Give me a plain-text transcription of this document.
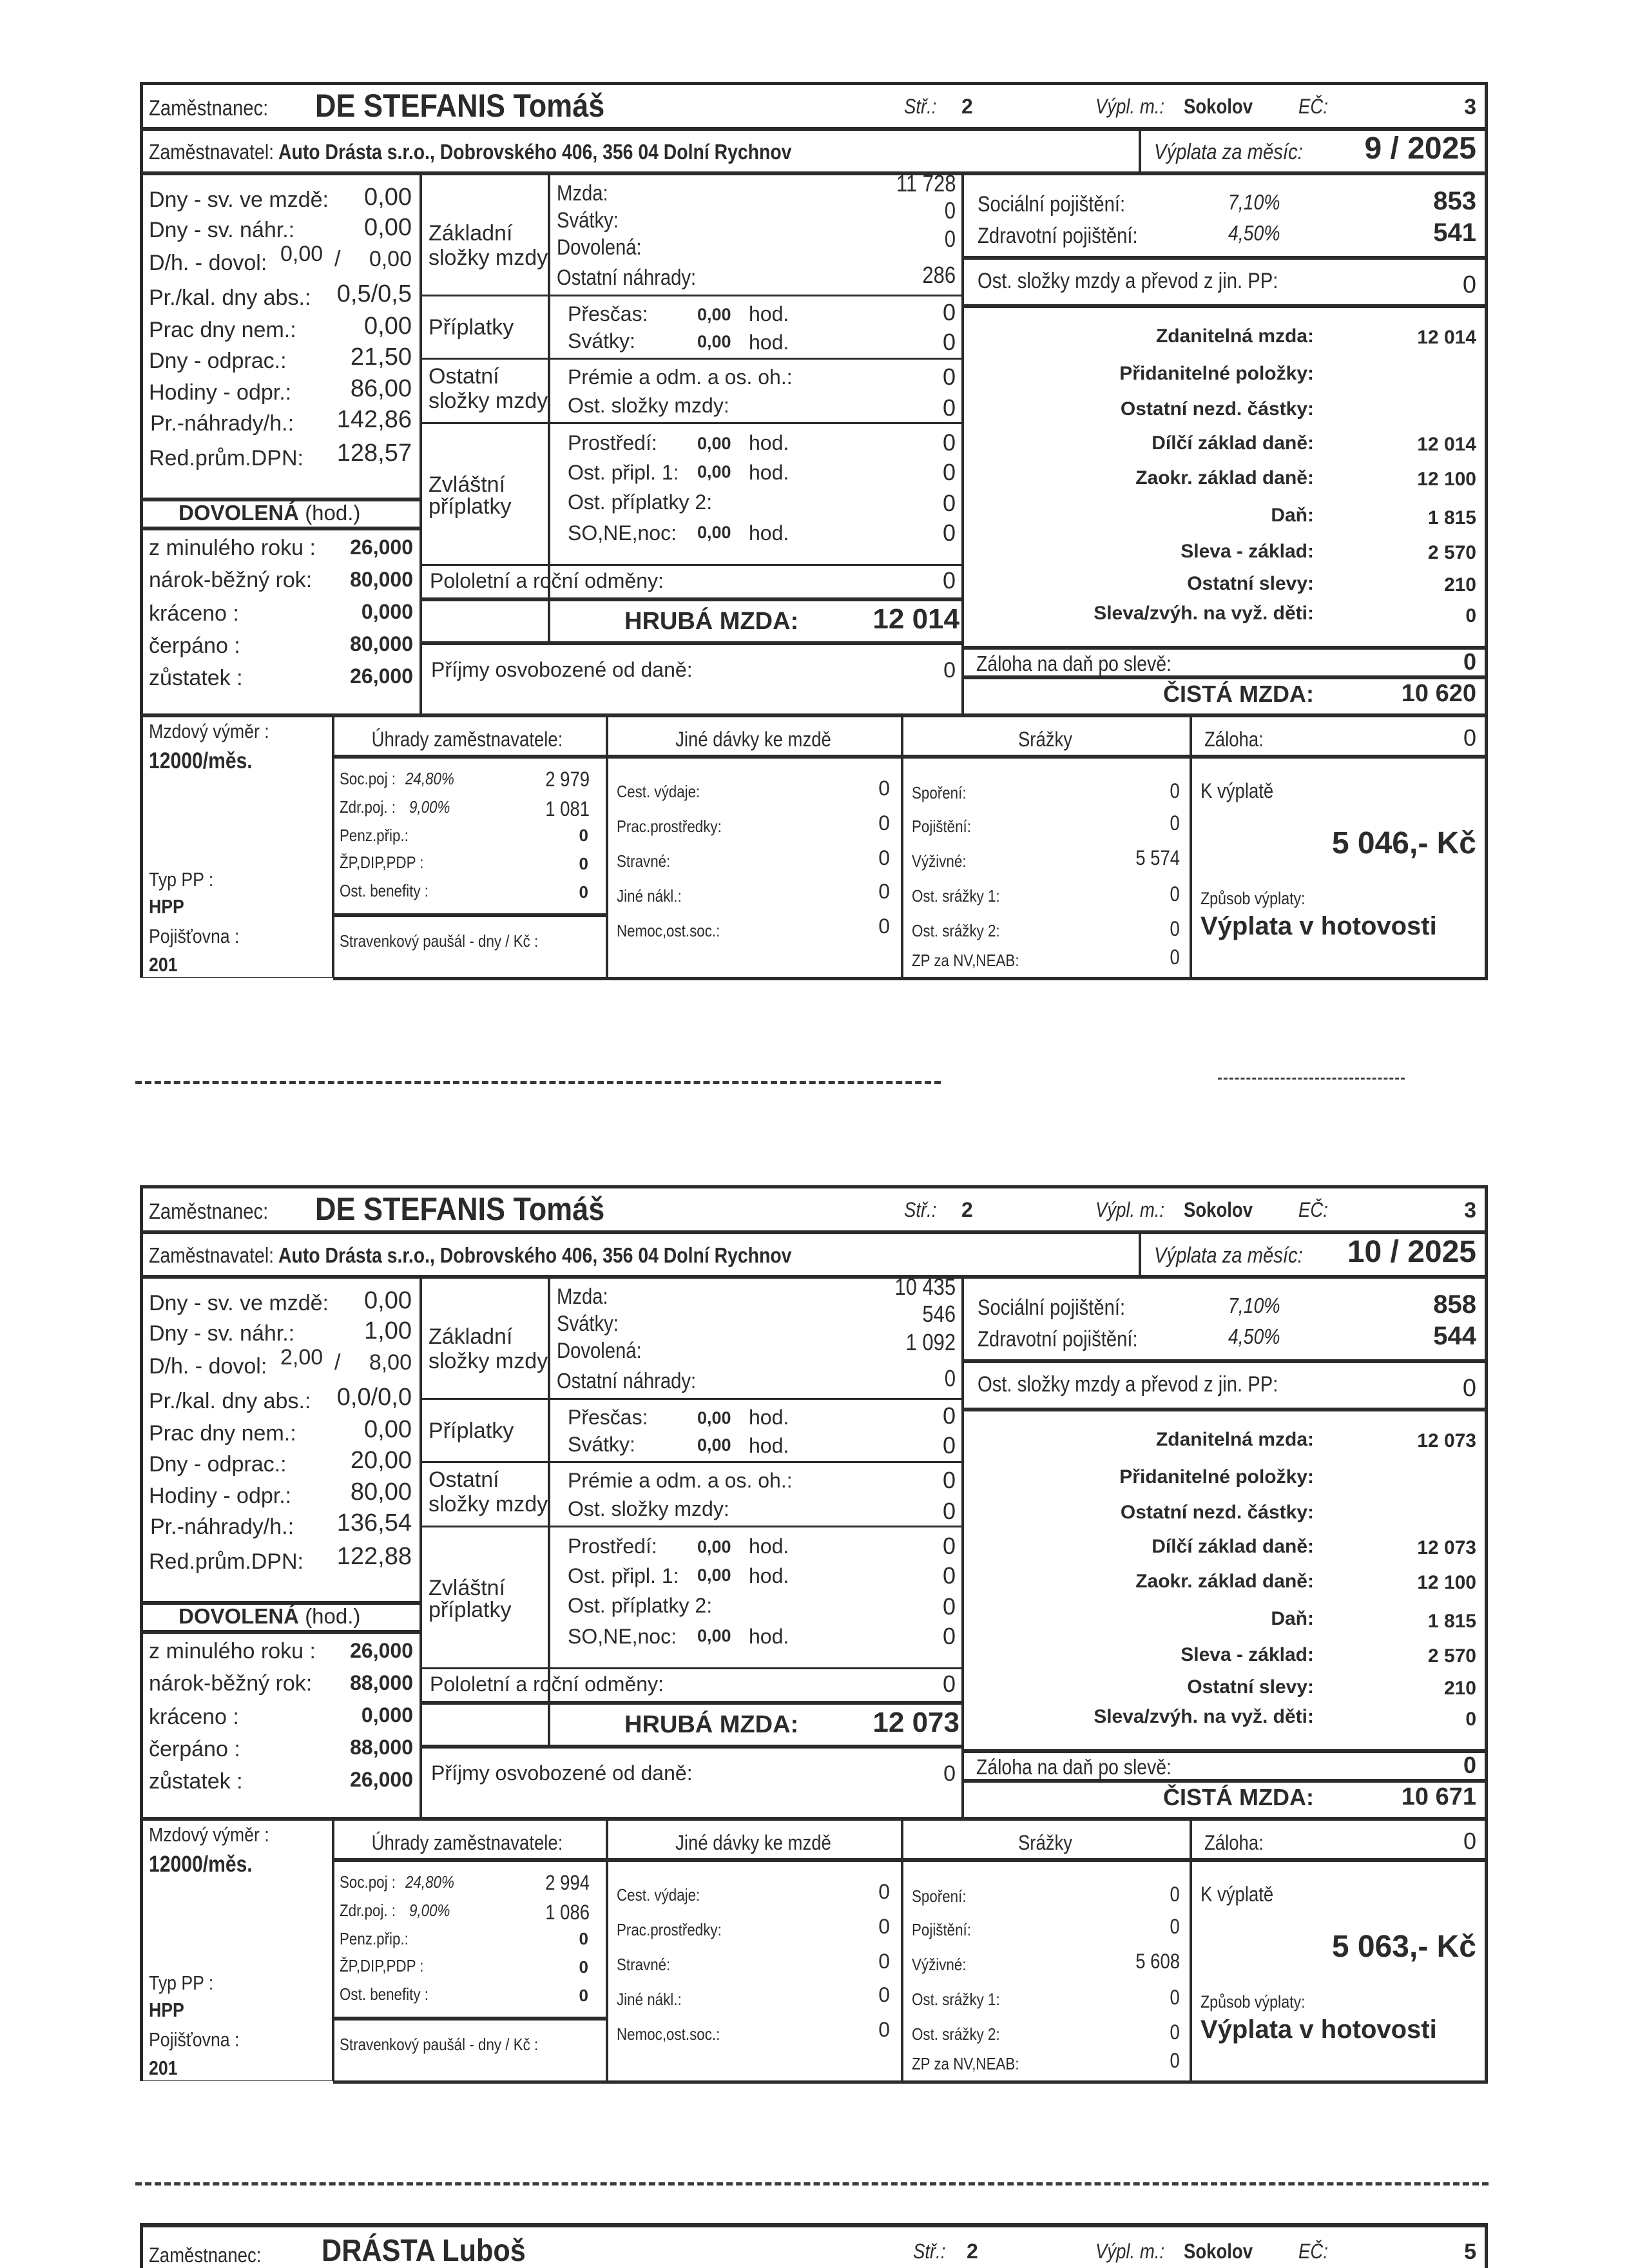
Zaměstnanec: DE STEFANIS Tomáš	Stř.: 2	Výpl. m.: Sokolov EČ:	3
Zaměstnavatel: Auto Drásta s.r.o., Dobrovského 406, 356 04 Dolní Rychnov	Výplata za měsíc: 9 / 2025
Dny - sv. ve mzdě: 0,00
Dny - sv. náhr.:	0,00
D/h. - dovol: 0,00 / 0,00
Pr./kal. dny abs.: 0,5/0,5
Prac dny nem.:	0,00
Dny - odprac.:	21,50
Hodiny - odpr.: 86,00
Pr.-náhrady/h.: 142,86
Red.prům.DPN: 128,57
DOVOLENÁ (hod.)
z minulého roku : 26,000
nárok-běžný rok: 80,000
kráceno :	0,000
čerpáno :	80,000
zůstatek :	26,000
Základní
složky mzdy
Příplatky
Ostatní
složky mzdy
Zvláštní
příplatky
Mzda:	11 728
Svátky:	0
Dovolená:	0
Ostatní náhrady:	286
Přesčas:	0,00 hod.	0
Svátky:	0,00 hod.	0
Prémie a odm. a os. oh.:	0
Ost. složky mzdy:	0
Prostředí: 0,00 hod.	0
Ost. připl. 1: 0,00 hod.	0
Ost. příplatky 2:	0
SO,NE,noc: 0,00 hod.	0
Pololetní a roční odměny:	0
HRUBÁ MZDA:	12 014
Příjmy osvobozené od daně:	0
Sociální pojištění:	7,10%	853
Zdravotní pojištění:	4,50%	541
Ost. složky mzdy a převod z jin. PP:	0
Zdanitelná mzda:	12 014
Přidanitelné položky:
Ostatní nezd. částky:
Dílčí základ daně:	12 014
Zaokr. základ daně:	12 100
Daň:	1 815
Sleva - základ:	2 570
Ostatní slevy:	210
Sleva/zvýh. na vyž. děti:	0
Záloha na daň po slevě:	0
ČISTÁ MZDA:	10 620
Mzdový výměr :
12000/měs.
Typ PP :
HPP
Pojišťovna :
201
Úhrady zaměstnavatele:	Jiné dávky ke mzdě	Srážky	Záloha:	0
Soc.poj : 24,80%	2 979
Zdr.poj. : 9,00%	1 081
Penz.přip.:	0
ŽP,DIP,PDP :	0
Ost. benefity :	0
Stravenkový paušál - dny / Kč :
Cest. výdaje:	0
Prac.prostředky:	0
Stravné:	0
Jiné nákl.:	0
Nemoc,ost.soc.:	0
Spoření:	0
Pojištění:	0
Výživné:	5 574
Ost. srážky 1:	0
Ost. srážky 2:	0
ZP za NV,NEAB:	0
K výplatě
5 046,- Kč
Způsob výplaty:
Výplata v hotovosti
Zaměstnanec: DE STEFANIS Tomáš	Stř.: 2	Výpl. m.: Sokolov EČ:	3
Zaměstnavatel: Auto Drásta s.r.o., Dobrovského 406, 356 04 Dolní Rychnov	Výplata za měsíc: 10 / 2025
Dny - sv. ve mzdě: 0,00
Dny - sv. náhr.:	1,00
D/h. - dovol: 2,00 / 8,00
Pr./kal. dny abs.: 0,0/0,0
Prac dny nem.:	0,00
Dny - odprac.:	20,00
Hodiny - odpr.: 80,00
Pr.-náhrady/h.: 136,54
Red.prům.DPN: 122,88
DOVOLENÁ (hod.)
z minulého roku : 26,000
nárok-běžný rok: 88,000
kráceno :	0,000
čerpáno :	88,000
zůstatek :	26,000
Základní
složky mzdy
Příplatky
Ostatní
složky mzdy
Zvláštní
příplatky
Mzda:	10 435
Svátky:	546
Dovolená:	1 092
Ostatní náhrady:	0
Přesčas:	0,00 hod.	0
Svátky:	0,00 hod.	0
Prémie a odm. a os. oh.:	0
Ost. složky mzdy:	0
Prostředí: 0,00 hod.	0
Ost. připl. 1: 0,00 hod.	0
Ost. příplatky 2:	0
SO,NE,noc: 0,00 hod.	0
Pololetní a roční odměny:	0
HRUBÁ MZDA:	12 073
Příjmy osvobozené od daně:	0
Sociální pojištění:	7,10%	858
Zdravotní pojištění:	4,50%	544
Ost. složky mzdy a převod z jin. PP:	0
Zdanitelná mzda:	12 073
Přidanitelné položky:
Ostatní nezd. částky:
Dílčí základ daně:	12 073
Zaokr. základ daně:	12 100
Daň:	1 815
Sleva - základ:	2 570
Ostatní slevy:	210
Sleva/zvýh. na vyž. děti:	0
Záloha na daň po slevě:	0
ČISTÁ MZDA:	10 671
Mzdový výměr :
12000/měs.
Typ PP :
HPP
Pojišťovna :
201
Úhrady zaměstnavatele:	Jiné dávky ke mzdě	Srážky	Záloha:	0
Soc.poj : 24,80%	2 994
Zdr.poj. : 9,00%	1 086
Penz.přip.:	0
ŽP,DIP,PDP :	0
Ost. benefity :	0
Stravenkový paušál - dny / Kč :
Cest. výdaje:	0
Prac.prostředky:	0
Stravné:	0
Jiné nákl.:	0
Nemoc,ost.soc.:	0
Spoření:	0
Pojištění:	0
Výživné:	5 608
Ost. srážky 1:	0
Ost. srážky 2:	0
ZP za NV,NEAB:	0
K výplatě
5 063,- Kč
Způsob výplaty:
Výplata v hotovosti
Zaměstnanec: DRÁSTA Luboš	Stř.: 2	Výpl. m.: Sokolov EČ:	5
